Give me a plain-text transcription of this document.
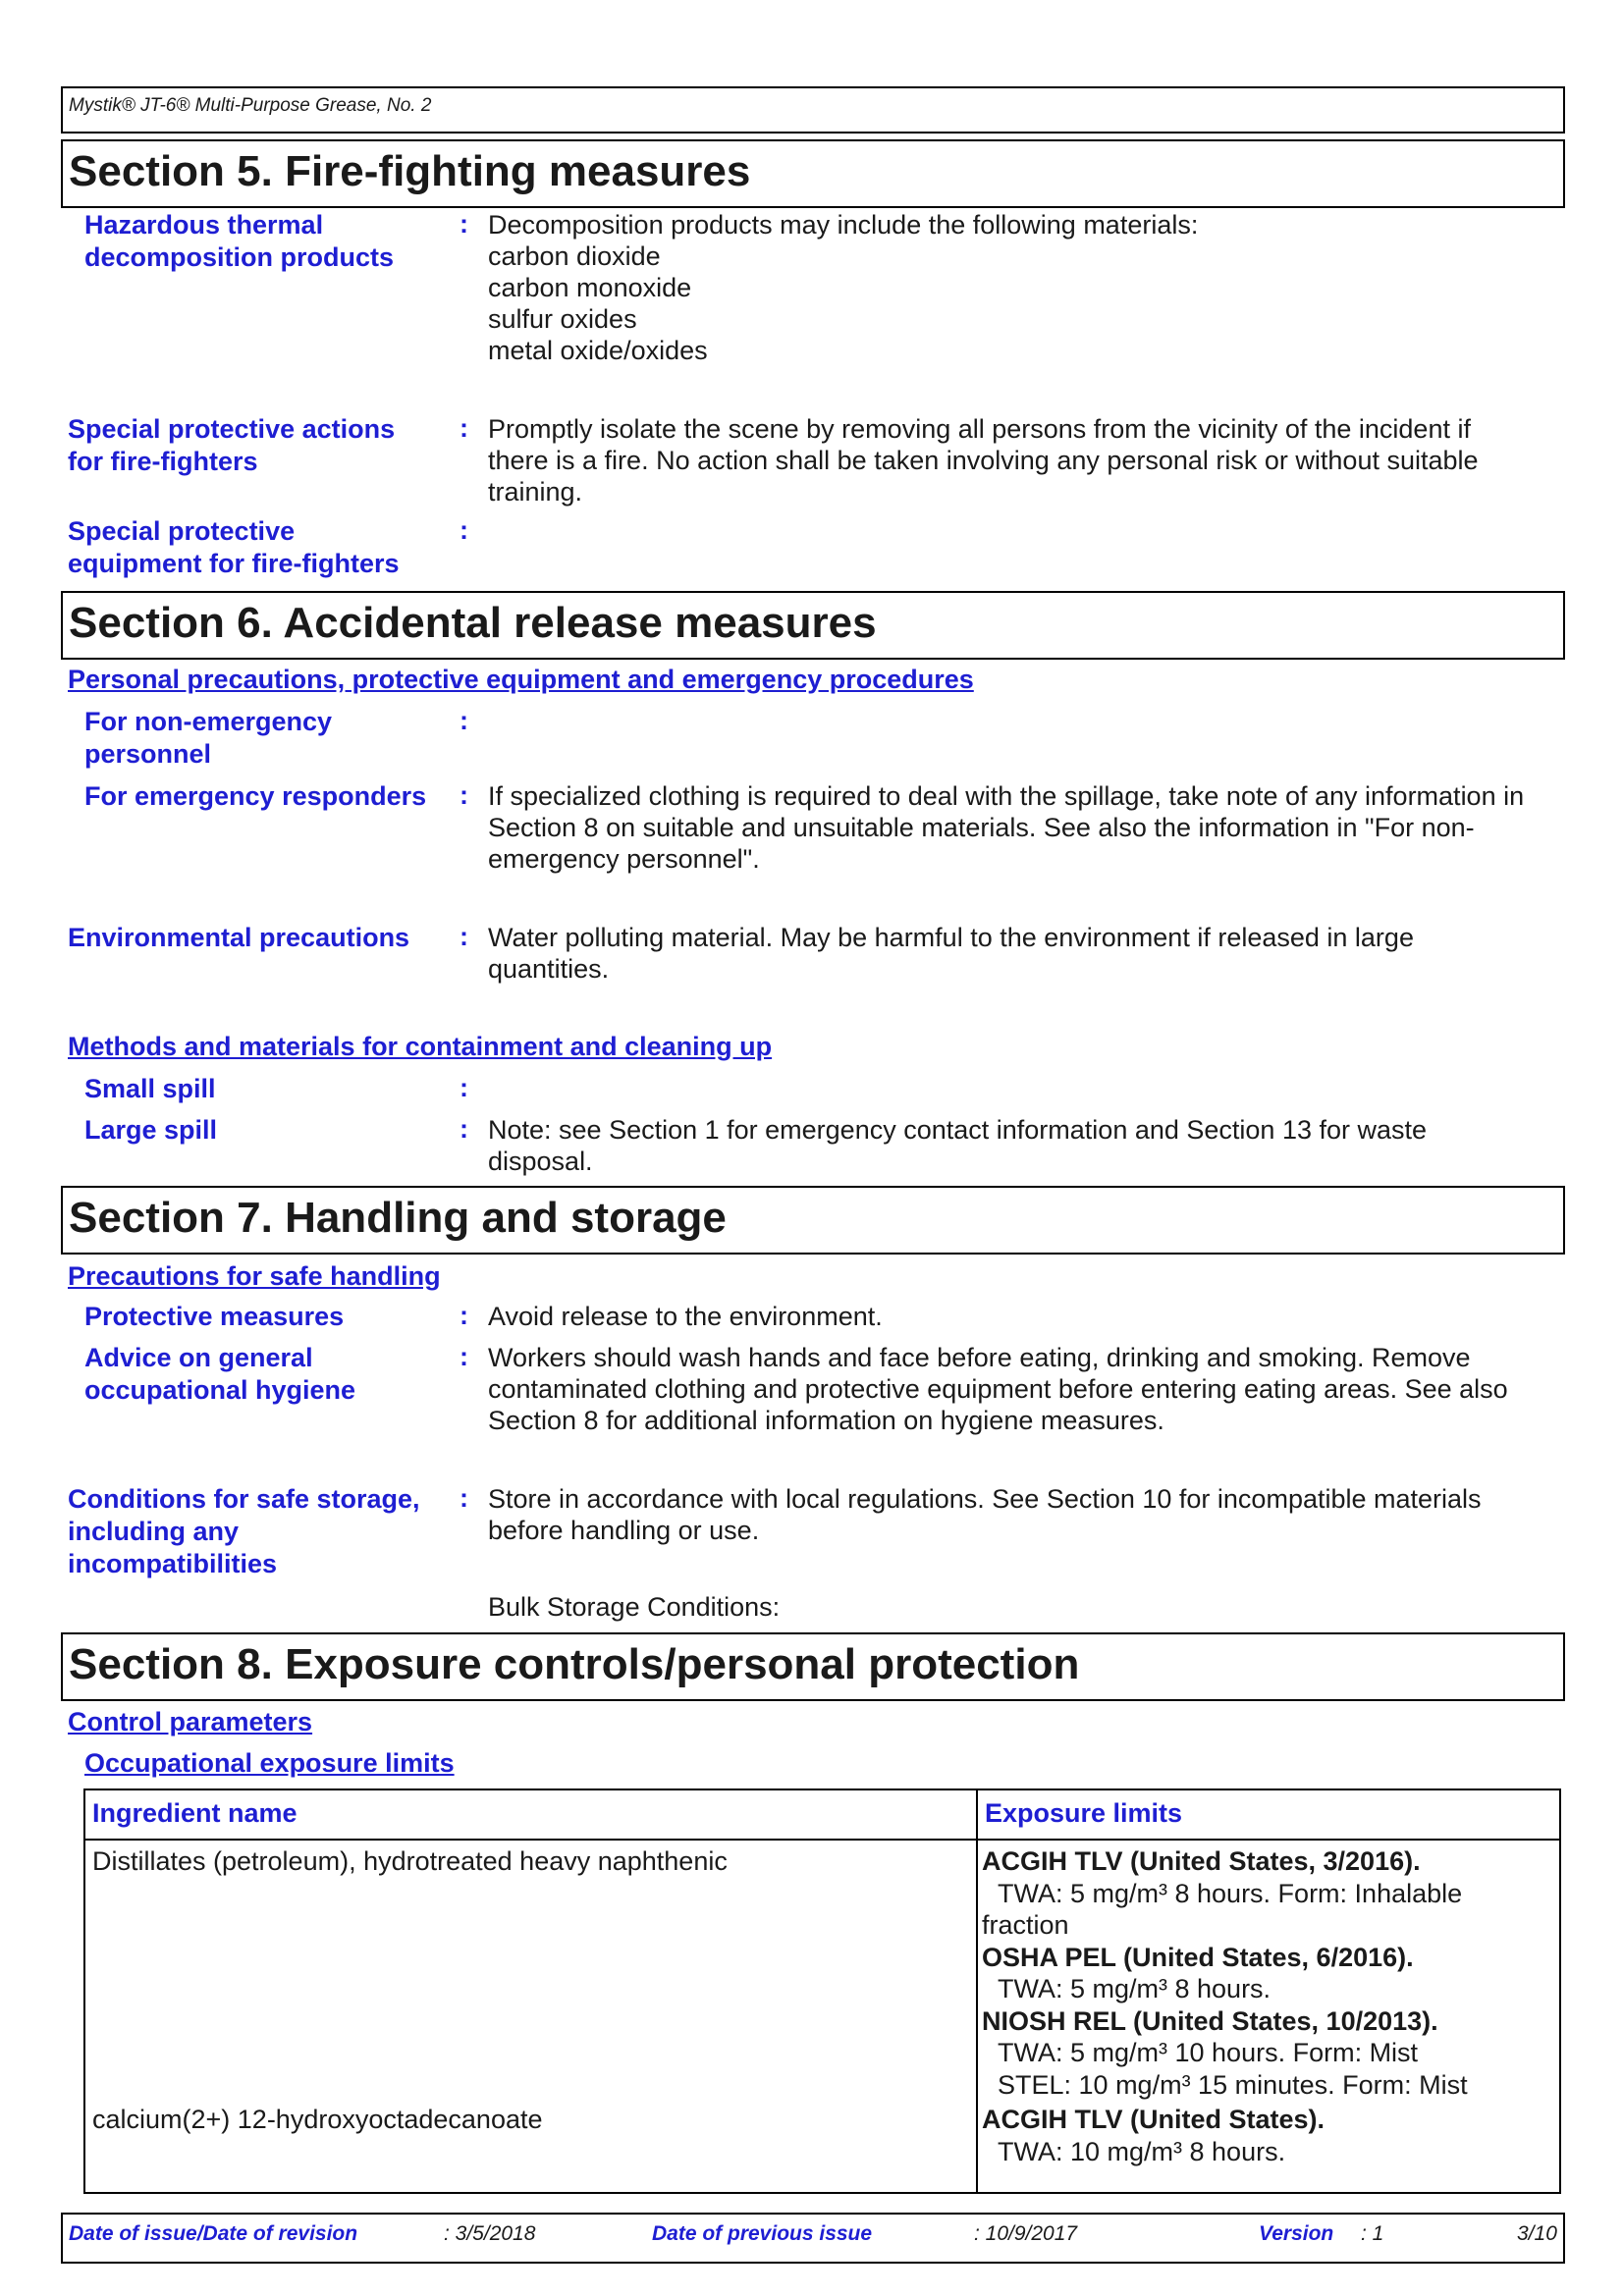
Mystik® JT-6® Multi-Purpose Grease, No. 2
Section 5. Fire-fighting measures
Hazardous thermal
decomposition products
: Decomposition products may include the following materials:
carbon dioxide
carbon monoxide
sulfur oxides
metal oxide/oxides
Special protective actions
for fire-fighters
: Promptly isolate the scene by removing all persons from the vicinity of the incident if
there is a fire. No action shall be taken involving any personal risk or without suitable
training.
Special protective
equipment for fire-fighters
:
Section 6. Accidental release measures
Personal precautions, protective equipment and emergency procedures
For non-emergency
personnel
:
For emergency responders : If specialized clothing is required to deal with the spillage, take note of any information in
Section 8 on suitable and unsuitable materials. See also the information in "For non-
emergency personnel".
Environmental precautions : Water polluting material. May be harmful to the environment if released in large
quantities.
Methods and materials for containment and cleaning up
Small spill	:
Large spill	: Note: see Section 1 for emergency contact information and Section 13 for waste
disposal.
Section 7. Handling and storage
Precautions for safe handling
Protective measures	: Avoid release to the environment.
Advice on general
occupational hygiene
: Workers should wash hands and face before eating, drinking and smoking. Remove
contaminated clothing and protective equipment before entering eating areas. See also
Section 8 for additional information on hygiene measures.
Conditions for safe storage,
including any
incompatibilities
: Store in accordance with local regulations. See Section 10 for incompatible materials
before handling or use.
Bulk Storage Conditions:
Section 8. Exposure controls/personal protection
Control parameters
Occupational exposure limits
Ingredient name	Exposure limits
Distillates (petroleum), hydrotreated heavy naphthenic	ACGIH TLV (United States, 3/2016).
TWA: 5 mg/m³ 8 hours. Form: Inhalable
fraction
OSHA PEL (United States, 6/2016).
TWA: 5 mg/m³ 8 hours.
NIOSH REL (United States, 10/2013).
TWA: 5 mg/m³ 10 hours. Form: Mist
STEL: 10 mg/m³ 15 minutes. Form: Mist
calcium(2+) 12-hydroxyoctadecanoate	ACGIH TLV (United States).
TWA: 10 mg/m³ 8 hours.
Date of issue/Date of revision	: 3/5/2018	Date of previous issue	: 10/9/2017	Version : 1	3/10
